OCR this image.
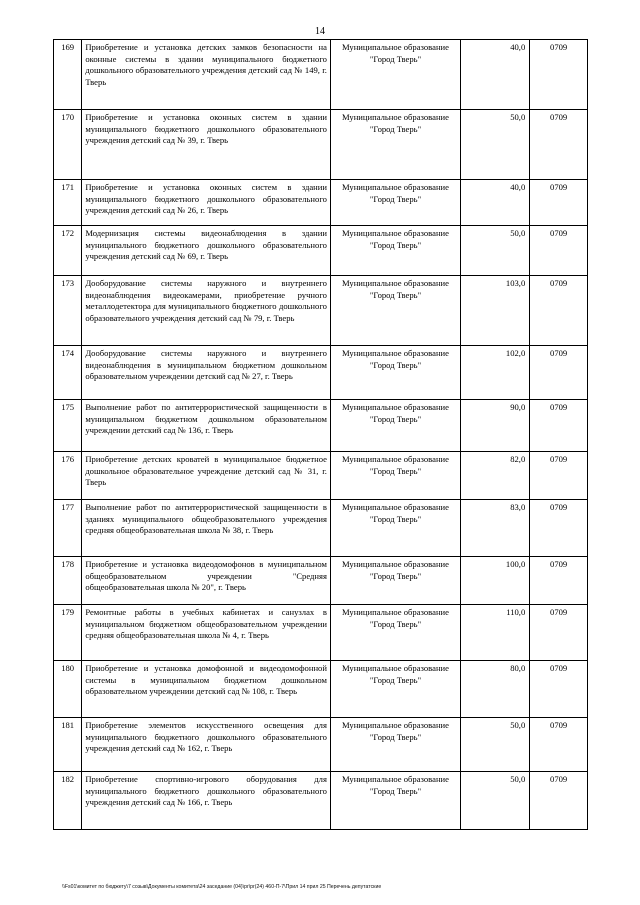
14
169	Приобретение и установка детских замков безопасности на оконные системы в здании муниципального бюджетного дошкольного образовательного учреждения детский сад № 149, г. Тверь	Муниципальное образование "Город Тверь"	40,0	0709
170	Приобретение и установка оконных систем в здании муниципального бюджетного дошкольного образовательного учреждения детский сад № 39, г. Тверь	Муниципальное образование "Город Тверь"	50,0	0709
171	Приобретение и установка оконных систем в здании муниципального бюджетного дошкольного образовательного учреждения детский сад № 26, г. Тверь	Муниципальное образование "Город Тверь"	40,0	0709
172	Модернизация системы видеонаблюдения в здании муниципального бюджетного дошкольного образовательного учреждения детский сад № 69, г. Тверь	Муниципальное образование "Город Тверь"	50,0	0709
173	Дооборудование системы наружного и внутреннего видеонаблюдения видеокамерами, приобретение ручного металлодетектора для муниципального бюджетного дошкольного образовательного учреждения детский сад № 79, г. Тверь	Муниципальное образование "Город Тверь"	103,0	0709
174	Дооборудование системы наружного и внутреннего видеонаблюдения в муниципальном бюджетном дошкольном образовательном учреждении детский сад № 27, г. Тверь	Муниципальное образование "Город Тверь"	102,0	0709
175	Выполнение работ по антитеррористической защищенности в муниципальном бюджетном дошкольном образовательном учреждении детский сад № 136, г. Тверь	Муниципальное образование "Город Тверь"	90,0	0709
176	Приобретение детских кроватей в муниципальное бюджетное дошкольное образовательное учреждение детский сад № 31, г. Тверь	Муниципальное образование "Город Тверь"	82,0	0709
177	Выполнение работ по антитеррористической защищенности в зданиях муниципального общеобразовательного учреждения средняя общеобразовательная школа № 38, г. Тверь	Муниципальное образование "Город Тверь"	83,0	0709
178	Приобретение и установка видеодомофонов в муниципальном общеобразовательном учреждении "Средняя общеобразовательная школа № 20", г. Тверь	Муниципальное образование "Город Тверь"	100,0	0709
179	Ремонтные работы в учебных кабинетах и санузлах в муниципальном бюджетном общеобразовательном учреждении средняя общеобразовательная школа № 4, г. Тверь	Муниципальное образование "Город Тверь"	110,0	0709
180	Приобретение и установка домофонной и видеодомофонной системы в муниципальном бюджетном дошкольном образовательном учреждении детский сад № 108, г. Тверь	Муниципальное образование "Город Тверь"	80,0	0709
181	Приобретение элементов искусственного освещения для муниципального бюджетного дошкольного образовательного учреждения детский сад № 162, г. Тверь	Муниципальное образование "Город Тверь"	50,0	0709
182	Приобретение спортивно-игрового оборудования для муниципального бюджетного дошкольного образовательного учреждения детский сад № 166, г. Тверь	Муниципальное образование "Город Тверь"	50,0	0709
\\Fs01\комитет по бюджету\7 созыв\Документы комитета\24 заседание (04)\pr\pr(24) 460-П-7\Прил 14 прил 25 Перечень депутатские
